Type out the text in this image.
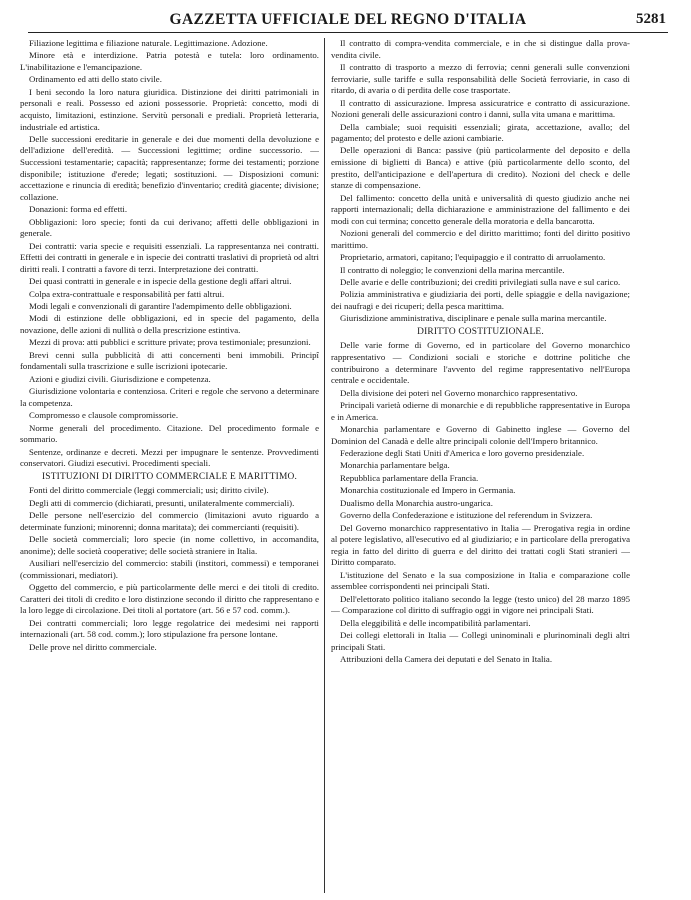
GAZZETTA UFFICIALE DEL REGNO D'ITALIA	5281

Filiazione legittima e filiazione naturale. Legittimazione. Adozione.

Minore età e interdizione. Patria potestà e tutela: loro ordinamento. L'inabilitazione e l'emancipazione.

Ordinamento ed atti dello stato civile.

I beni secondo la loro natura giuridica. Distinzione dei diritti patrimoniali in personali e reali. Possesso ed azioni possessorie. Proprietà: concetto, modi di acquisto, limitazioni, estinzione. Servitù personali e prediali. Proprietà letteraria, industriale ed artistica.

Delle successioni ereditarie in generale e dei due momenti della devoluzione e dell'adizione dell'eredità. — Successioni legittime; ordine successorio. — Successioni testamentarie; capacità; rappresentanze; forme dei testamenti; porzione disponibile; istituzione d'erede; legati; sostituzioni. — Disposizioni comuni: accettazione e rinuncia di eredità; benefizio d'inventario; credità giacente; divisione; collazione.

Donazioni: forma ed effetti.

Obbligazioni: loro specie; fonti da cui derivano; affetti delle obbligazioni in generale.

Dei contratti: varia specie e requisiti essenziali. La rappresentanza nei contratti. Effetti dei contratti in generale e in ispecie dei contratti traslativi di proprietà od altri diritti reali. I contratti a favore di terzi. Interpretazione dei contratti.

Dei quasi contratti in generale e in ispecie della gestione degli affari altrui.

Colpa extra-contrattuale e responsabilità per fatti altrui.

Modi legali e convenzionali di garantire l'adempimento delle obbligazioni.

Modi di estinzione delle obbligazioni, ed in specie del pagamento, della novazione, delle azioni di nullità o della prescrizione estintiva.

Mezzi di prova: atti pubblici e scritture private; prova testimoniale; presunzioni.

Brevi cenni sulla pubblicità di atti concernenti beni immobili. Principî fondamentali sulla trascrizione e sulle iscrizioni ipotecarie.

Azioni e giudizi civili. Giurisdizione e competenza.

Giurisdizione volontaria e contenziosa. Criteri e regole che servono a determinare la competenza.

Compromesso e clausole compromissorie.

Norme generali del procedimento. Citazione. Del procedimento formale e sommario.

Sentenze, ordinanze e decreti. Mezzi per impugnare le sentenze. Provvedimenti conservatori. Giudizi esecutivi. Procedimenti speciali.

ISTITUZIONI DI DIRITTO COMMERCIALE E MARITTIMO.

Fonti del diritto commerciale (leggi commerciali; usi; diritto civile).

Degli atti di commercio (dichiarati, presunti, unilateralmente commerciali).

Delle persone nell'esercizio del commercio (limitazioni avuto riguardo a determinate funzioni; minorenni; donna maritata); dei commercianti (requisiti).

Delle società commerciali; loro specie (in nome collettivo, in accomandita, anonime); delle società cooperative; delle società straniere in Italia.

Ausiliari nell'esercizio del commercio: stabili (institori, commessi) e temporanei (commissionari, mediatori).

Oggetto del commercio, e più particolarmente delle merci e dei titoli di credito. Caratteri dei titoli di credito e loro distinzione secondo il diritto che rappresentano e la loro legge di circolazione. Dei titoli al portatore (art. 56 e 57 cod. comm.).

Dei contratti commerciali; loro legge regolatrice dei medesimi nei rapporti internazionali (art. 58 cod. comm.); loro stipulazione fra persone lontane.

Delle prove nel diritto commerciale.

Il contratto di compra-vendita commerciale, e in che si distingue dalla prova-vendita civile.

Il contratto di trasporto a mezzo di ferrovia; cenni generali sulle convenzioni ferroviarie, sulle tariffe e sulla responsabilità delle Società ferroviarie, in caso di ritardo, di avaria o di perdita delle cose trasportate.

Il contratto di assicurazione. Impresa assicuratrice e contratto di assicurazione. Nozioni generali delle assicurazioni contro i danni, sulla vita umana e marittima.

Della cambiale; suoi requisiti essenziali; girata, accettazione, avallo; del pagamento; del protesto e delle azioni cambiarie.

Delle operazioni di Banca: passive (più particolarmente del deposito e della emissione di biglietti di Banca) e attive (più particolarmente dello sconto, del prestito, dell'anticipazione e dell'apertura di credito). Nozioni del check e delle stanze di compensazione.

Del fallimento: concetto della unità e universalità di questo giudizio anche nei rapporti internazionali; della dichiarazione e amministrazione del fallimento e dei modi con cui termina; concetto generale della moratoria e della bancarotta.

Nozioni generali del commercio e del diritto marittimo; fonti del diritto positivo marittimo.

Proprietario, armatori, capitano; l'equipaggio e il contratto di arruolamento.

Il contratto di noleggio; le convenzioni della marina mercantile.

Delle avarie e delle contribuzioni; dei crediti privilegiati sulla nave e sul carico.

Polizia amministrativa e giudiziaria dei porti, delle spiaggie e della navigazione; dei naufragi e dei ricuperi; della pesca marittima.

Giurisdizione amministrativa, disciplinare e penale sulla marina mercantile.

DIRITTO COSTITUZIONALE.

Delle varie forme di Governo, ed in particolare del Governo monarchico rappresentativo — Condizioni sociali e storiche e dottrine politiche che contribuirono a determinare l'avvento del regime rappresentativo nell'Europa centrale e occidentale.

Della divisione dei poteri nel Governo monarchico rappresentativo.

Principali varietà odierne di monarchie e di repubbliche rappresentative in Europa e in America.

Monarchia parlamentare e Governo di Gabinetto inglese — Governo del Dominion del Canadà e delle altre principali colonie dell'Impero britannico.

Federazione degli Stati Uniti d'America e loro governo presidenziale.

Monarchia parlamentare belga.

Repubblica parlamentare della Francia.

Monarchia costituzionale ed Impero in Germania.

Dualismo della Monarchia austro-ungarica.

Governo della Confederazione e istituzione del referendum in Svizzera.

Del Governo monarchico rappresentativo in Italia — Prerogativa regia in ordine al potere legislativo, all'esecutivo ed al giudiziario; e in particolare della prerogativa regia in fatto del diritto di guerra e del diritto dei trattati cogli Stati stranieri — Diritto comparato.

L'istituzione del Senato e la sua composizione in Italia e comparazione colle assemblee corrispondenti nei principali Stati.

Dell'elettorato politico italiano secondo la legge (testo unico) del 28 marzo 1895 — Comparazione col diritto di suffragio oggi in vigore nei principali Stati.

Della eleggibilità e delle incompatibilità parlamentari.

Dei collegi elettorali in Italia — Collegi uninominali e plurinominali degli altri principali Stati.

Attribuzioni della Camera dei deputati e del Senato in Italia.
